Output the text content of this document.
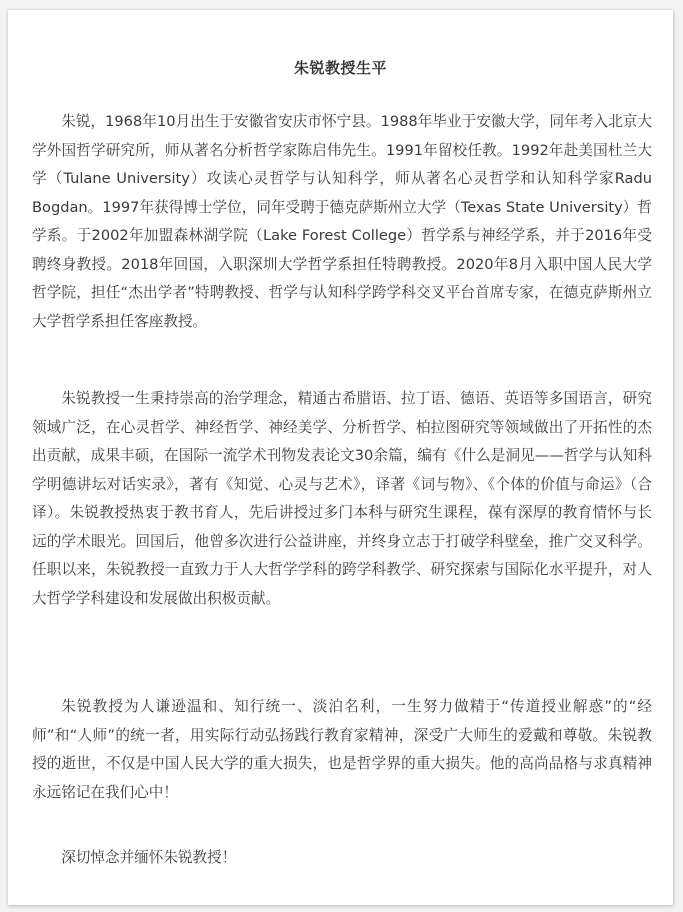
朱锐教授生平

朱锐，1968年10月出生于安徽省安庆市怀宁县。1988年毕业于安徽大学，同年考入北京大学外国哲学研究所，师从著名分析哲学家陈启伟先生。1991年留校任教。1992年赴美国杜兰大学（Tulane University）攻读心灵哲学与认知科学，师从著名心灵哲学和认知科学家Radu Bogdan。1997年获得博士学位，同年受聘于德克萨斯州立大学（Texas State University）哲学系。于2002年加盟森林湖学院（Lake Forest College）哲学系与神经学系，并于2016年受聘终身教授。2018年回国，入职深圳大学哲学系担任特聘教授。2020年8月入职中国人民大学哲学院，担任“杰出学者”特聘教授、哲学与认知科学跨学科交叉平台首席专家，在德克萨斯州立大学哲学系担任客座教授。

朱锐教授一生秉持崇高的治学理念，精通古希腊语、拉丁语、德语、英语等多国语言，研究领域广泛，在心灵哲学、神经哲学、神经美学、分析哲学、柏拉图研究等领域做出了开拓性的杰出贡献，成果丰硕，在国际一流学术刊物发表论文30余篇，编有《什么是洞见——哲学与认知科学明德讲坛对话实录》，著有《知觉、心灵与艺术》，译著《词与物》、《个体的价值与命运》（合译）。朱锐教授热衷于教书育人，先后讲授过多门本科与研究生课程，葆有深厚的教育情怀与长远的学术眼光。回国后，他曾多次进行公益讲座，并终身立志于打破学科壁垒，推广交叉科学。任职以来，朱锐教授一直致力于人大哲学学科的跨学科教学、研究探索与国际化水平提升，对人大哲学学科建设和发展做出积极贡献。

朱锐教授为人谦逊温和、知行统一、淡泊名利，一生努力做精于“传道授业解惑”的“经师”和“人师”的统一者，用实际行动弘扬践行教育家精神，深受广大师生的爱戴和尊敬。朱锐教授的逝世，不仅是中国人民大学的重大损失，也是哲学界的重大损失。他的高尚品格与求真精神永远铭记在我们心中！

深切悼念并缅怀朱锐教授！
